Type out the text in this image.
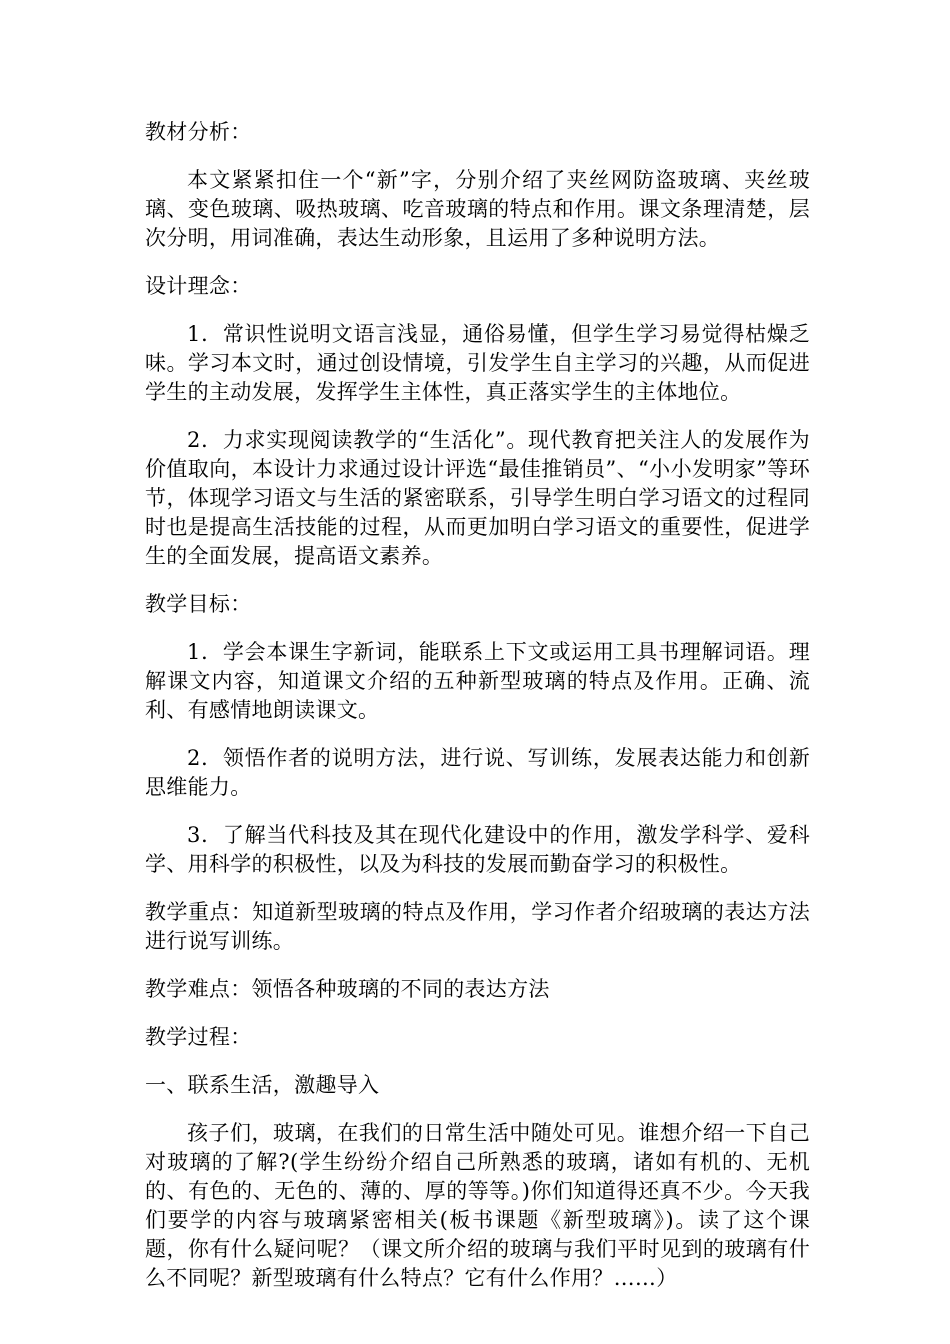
教材分析：

本文紧紧扣住一个“新”字，分别介绍了夹丝网防盗玻璃、夹丝玻璃、变色玻璃、吸热玻璃、吃音玻璃的特点和作用。课文条理清楚，层次分明，用词准确，表达生动形象，且运用了多种说明方法。

设计理念：

1．常识性说明文语言浅显，通俗易懂，但学生学习易觉得枯燥乏味。学习本文时，通过创设情境，引发学生自主学习的兴趣，从而促进学生的主动发展，发挥学生主体性，真正落实学生的主体地位。

2．力求实现阅读教学的“生活化”。现代教育把关注人的发展作为价值取向，本设计力求通过设计评选“最佳推销员”、“小小发明家”等环节，体现学习语文与生活的紧密联系，引导学生明白学习语文的过程同时也是提高生活技能的过程，从而更加明白学习语文的重要性，促进学生的全面发展，提高语文素养。

教学目标：

1．学会本课生字新词，能联系上下文或运用工具书理解词语。理解课文内容，知道课文介绍的五种新型玻璃的特点及作用。正确、流利、有感情地朗读课文。

2．领悟作者的说明方法，进行说、写训练，发展表达能力和创新思维能力。

3．了解当代科技及其在现代化建设中的作用，激发学科学、爱科学、用科学的积极性，以及为科技的发展而勤奋学习的积极性。

教学重点：知道新型玻璃的特点及作用，学习作者介绍玻璃的表达方法进行说写训练。

教学难点：领悟各种玻璃的不同的表达方法

教学过程：

一、联系生活，激趣导入

孩子们，玻璃，在我们的日常生活中随处可见。谁想介绍一下自己对玻璃的了解?(学生纷纷介绍自己所熟悉的玻璃，诸如有机的、无机的、有色的、无色的、薄的、厚的等等。)你们知道得还真不少。今天我们要学的内容与玻璃紧密相关(板书课题《新型玻璃》)。读了这个课题，你有什么疑问呢？（课文所介绍的玻璃与我们平时见到的玻璃有什么不同呢？新型玻璃有什么特点？它有什么作用？……）
